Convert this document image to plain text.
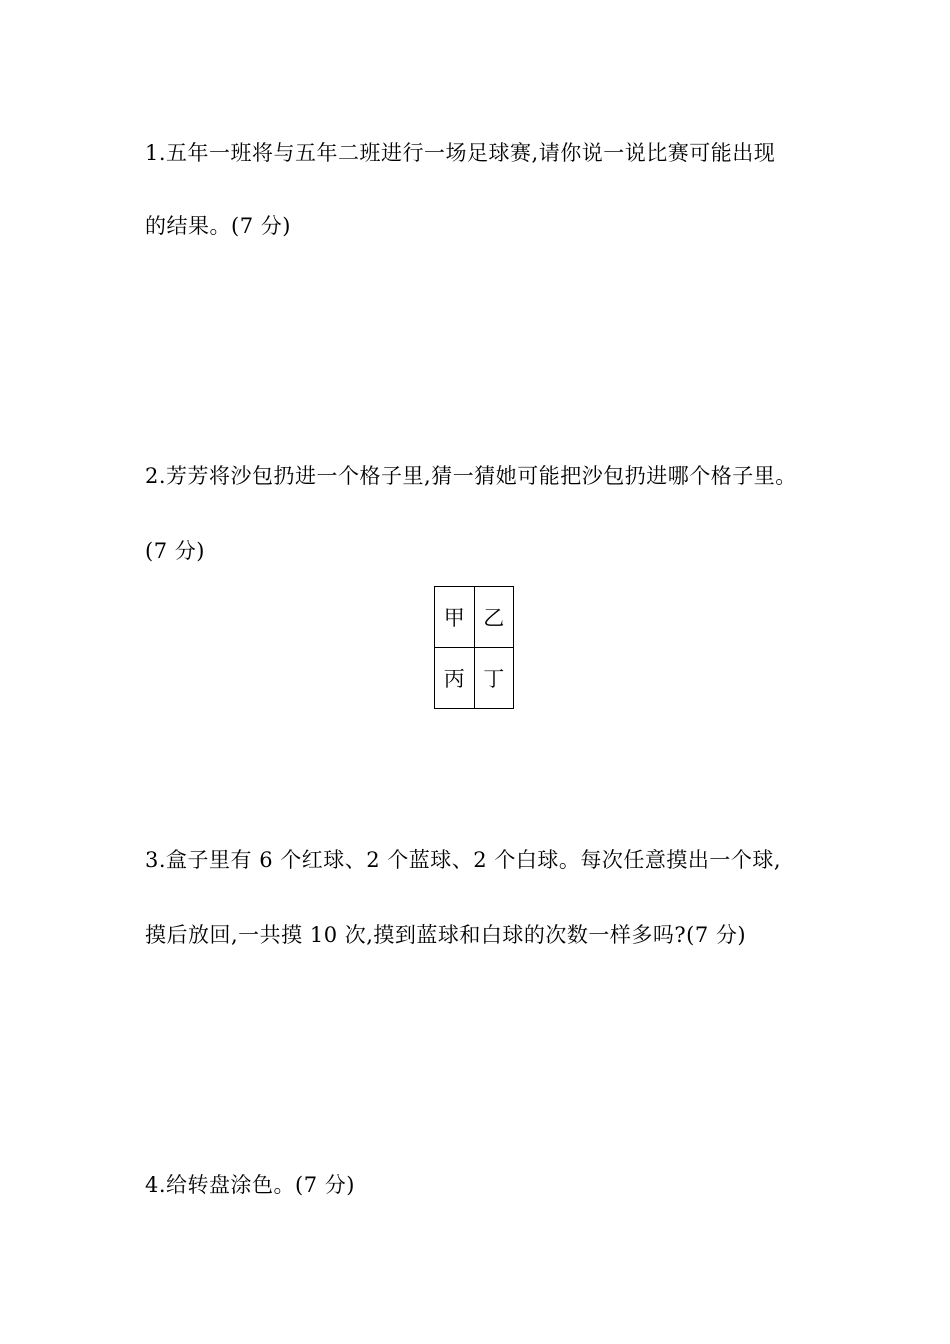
1.五年一班将与五年二班进行一场足球赛,请你说一说比赛可能出现
的结果。(7 分)
2.芳芳将沙包扔进一个格子里,猜一猜她可能把沙包扔进哪个格子里。
(7 分)
甲	乙
丙	丁
3.盒子里有 6 个红球、2 个蓝球、2 个白球。每次任意摸出一个球,
摸后放回,一共摸 10 次,摸到蓝球和白球的次数一样多吗?(7 分)
4.给转盘涂色。(7 分)
